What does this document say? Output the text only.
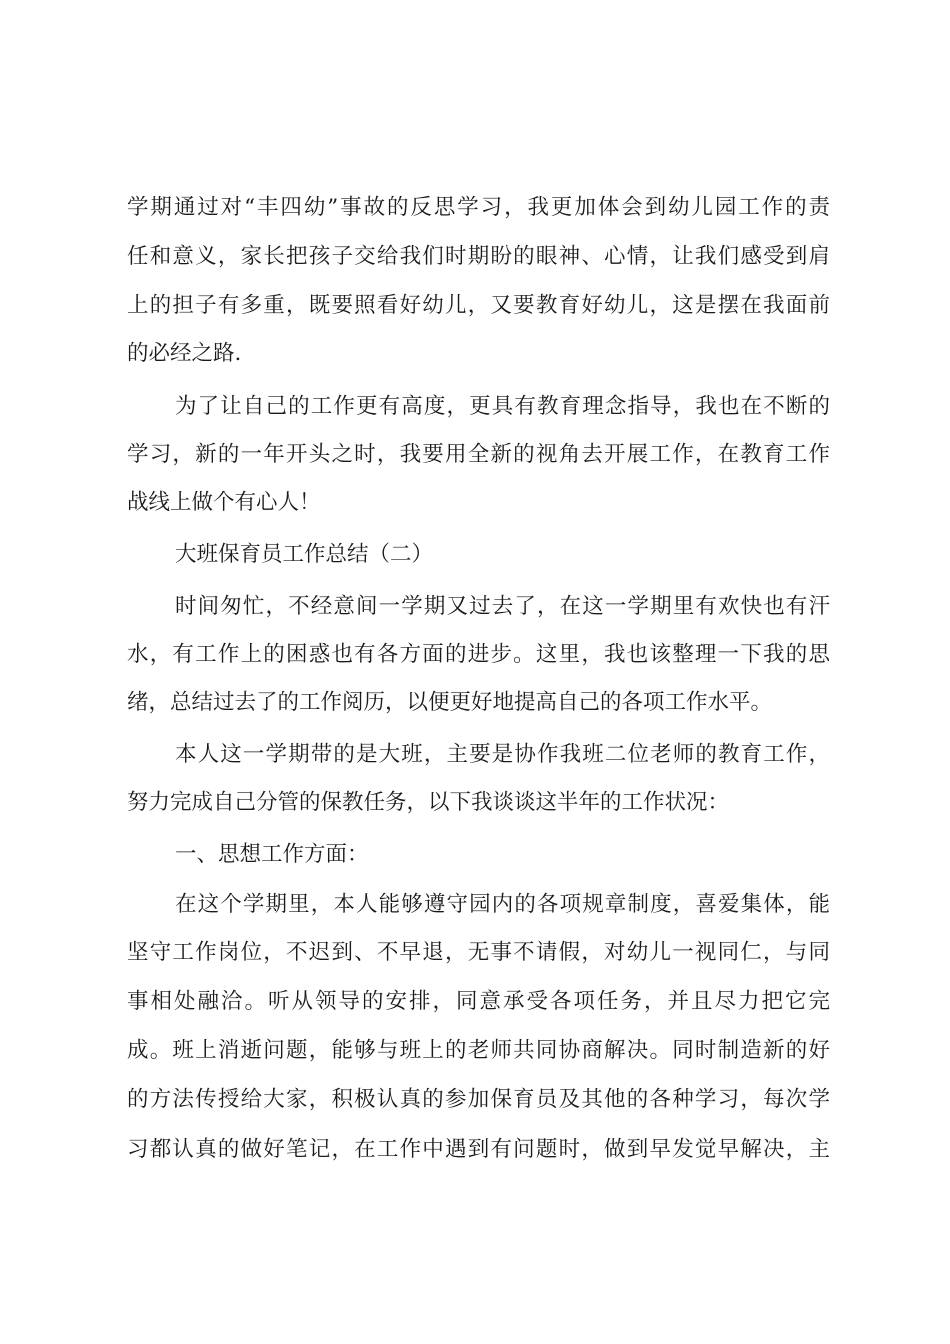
学期通过对“丰四幼”事故的反思学习，我更加体会到幼儿园工作的责
任和意义，家长把孩子交给我们时期盼的眼神、心情，让我们感受到肩
上的担子有多重，既要照看好幼儿，又要教育好幼儿，这是摆在我面前
的必经之路.
为了让自己的工作更有高度，更具有教育理念指导，我也在不断的
学习，新的一年开头之时，我要用全新的视角去开展工作，在教育工作
战线上做个有心人！
大班保育员工作总结（二）
时间匆忙，不经意间一学期又过去了，在这一学期里有欢快也有汗
水，有工作上的困惑也有各方面的进步。这里，我也该整理一下我的思
绪，总结过去了的工作阅历，以便更好地提高自己的各项工作水平。
本人这一学期带的是大班，主要是协作我班二位老师的教育工作，
努力完成自己分管的保教任务，以下我谈谈这半年的工作状况：
一、思想工作方面：
在这个学期里，本人能够遵守园内的各项规章制度，喜爱集体，能
坚守工作岗位，不迟到、不早退，无事不请假，对幼儿一视同仁，与同
事相处融洽。听从领导的安排，同意承受各项任务，并且尽力把它完
成。班上消逝问题，能够与班上的老师共同协商解决。同时制造新的好
的方法传授给大家，积极认真的参加保育员及其他的各种学习，每次学
习都认真的做好笔记，在工作中遇到有问题时，做到早发觉早解决，主
